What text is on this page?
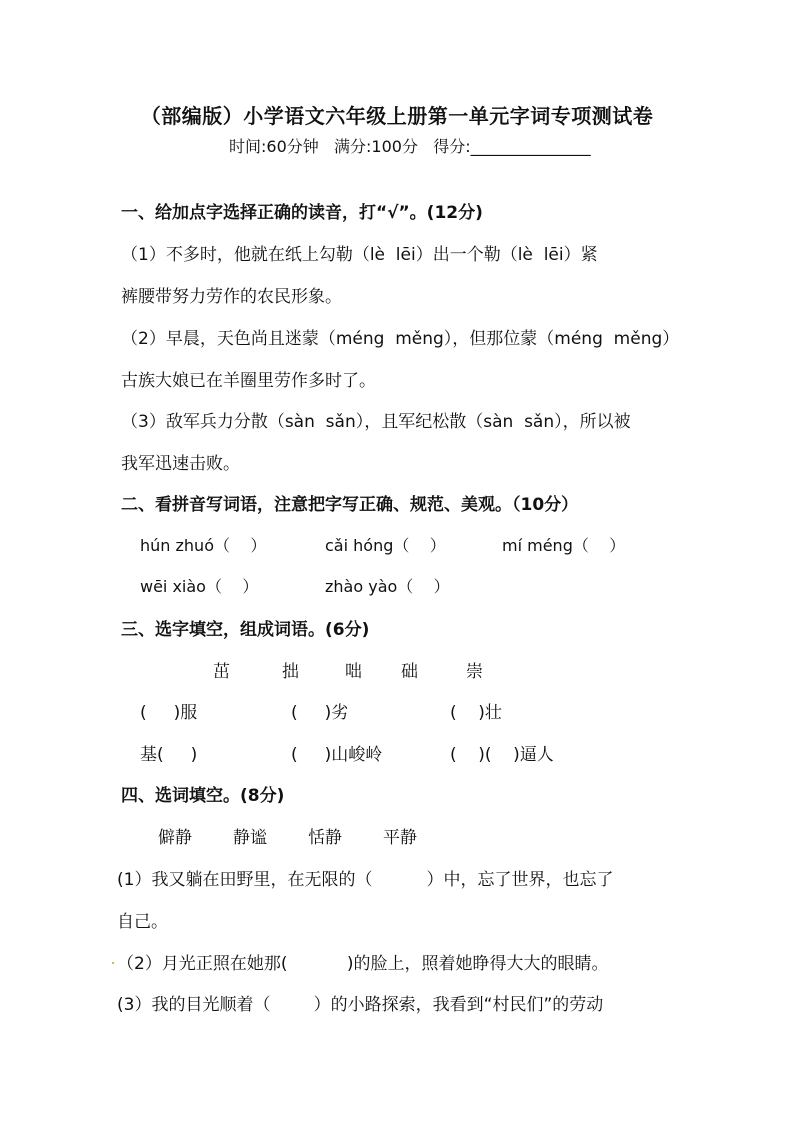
（部编版）小学语文六年级上册第一单元字词专项测试卷
时间:60分钟   满分:100分   得分:_______________
一、给加点字选择正确的读音，打“√”。(12分)
（1）不多时，他就在纸上勾勒（lè  lēi）出一个勒（lè  lēi）紧
裤腰带努力劳作的农民形象。
（2）早晨，天色尚且迷蒙（méng  měng），但那位蒙（méng  měng）
古族大娘已在羊圈里劳作多时了。
（3）敌军兵力分散（sàn  sǎn），且军纪松散（sàn  sǎn），所以被
我军迅速击败。
二、看拼音写词语，注意把字写正确、规范、美观。（10分）
hún zhuó（    ）	cǎi hóng（    ）	mí méng（    ）
wēi xiào（    ）	zhào yào（    ）
三、选字填空，组成词语。(6分)
茁	拙	咄 础	崇
(     )服	(     )劣	(    )壮
基(     )	(     )山峻岭	(    )(    )逼人
四、选词填空。(8分)
僻静 静谧 恬静 平静
(1）我又躺在田野里，在无限的（          ）中，忘了世界，也忘了
自己。
（2）月光正照在她那(           )的脸上，照着她睁得大大的眼睛。
(3）我的目光顺着（        ）的小路探索，我看到“村民们”的劳动
